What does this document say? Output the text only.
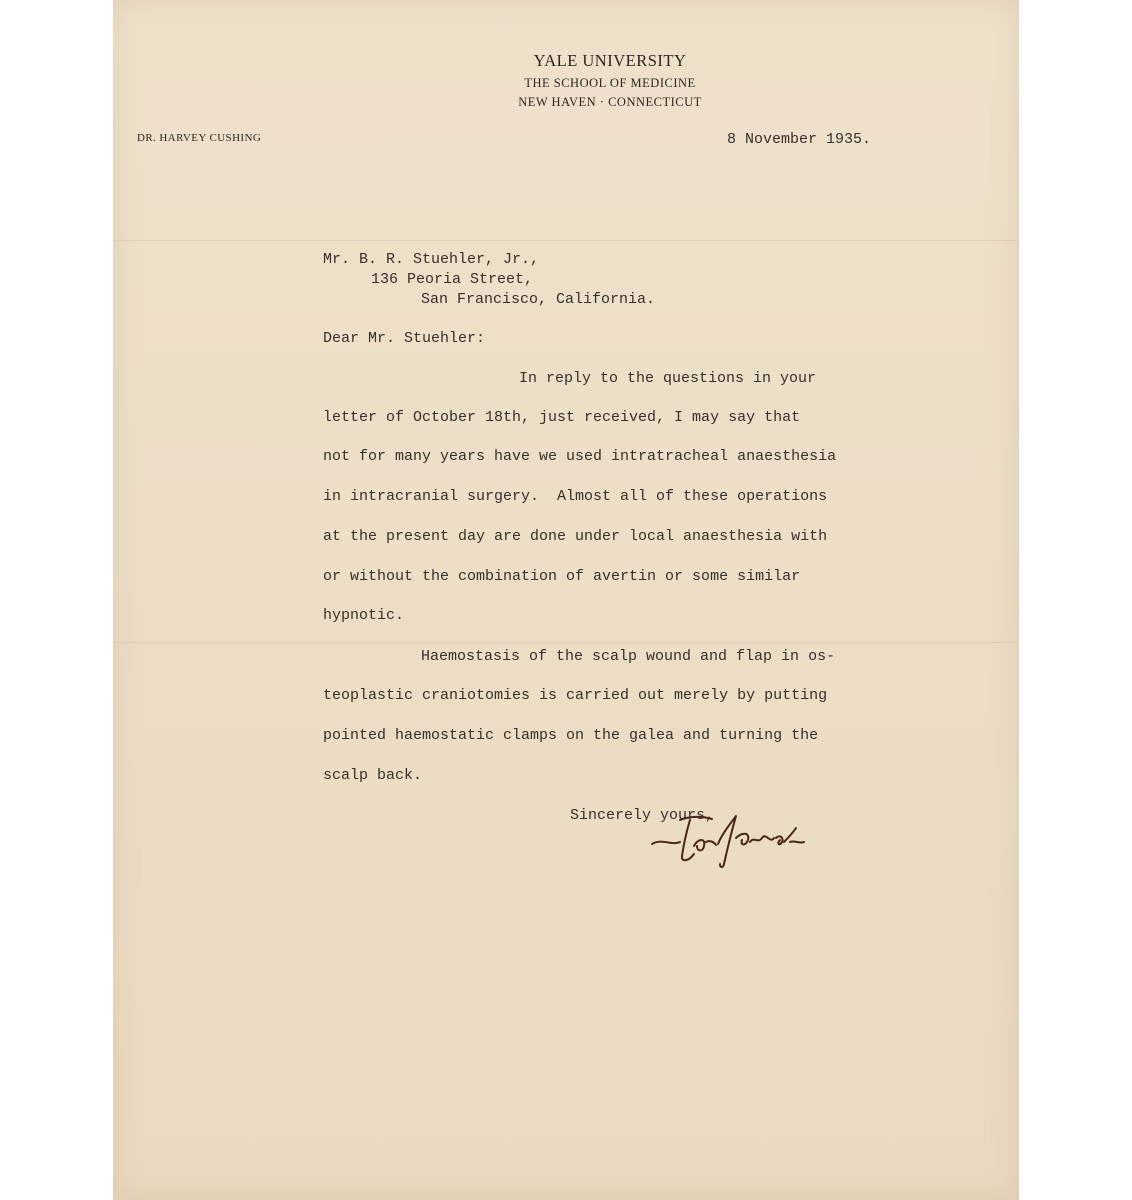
YALE UNIVERSITY
THE SCHOOL OF MEDICINE
NEW HAVEN · CONNECTICUT
DR. HARVEY CUSHING	8 November 1935.
Mr. B. R. Stuehler, Jr.,
136 Peoria Street,
San Francisco, California.
Dear Mr. Stuehler:
In reply to the questions in your
letter of October 18th, just received, I may say that
not for many years have we used intratracheal anaesthesia
in intracranial surgery.  Almost all of these operations
at the present day are done under local anaesthesia with
or without the combination of avertin or some similar
hypnotic.
Haemostasis of the scalp wound and flap in os-
teoplastic craniotomies is carried out merely by putting
pointed haemostatic clamps on the galea and turning the
scalp back.
Sincerely yours,
